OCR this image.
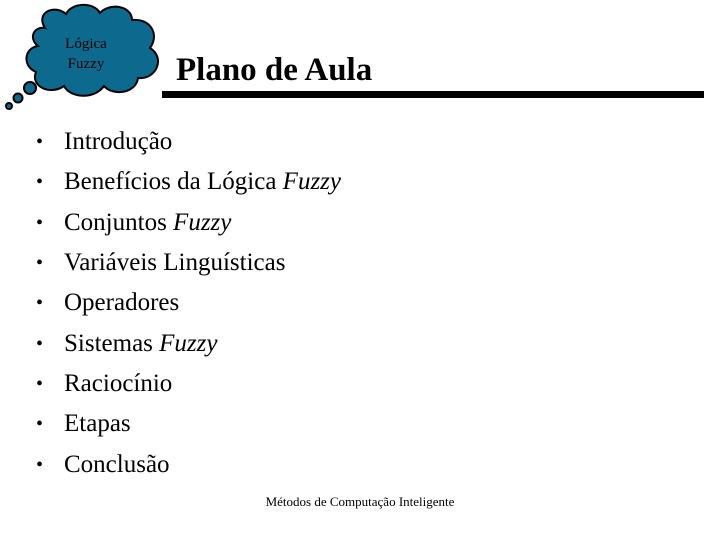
Lógica
Fuzzy	Plano de Aula
• Introdução
• Benefícios da Lógica Fuzzy
• Conjuntos Fuzzy
• Variáveis Linguísticas
• Operadores
• Sistemas Fuzzy
• Raciocínio
• Etapas
• Conclusão
Métodos de Computação Inteligente
